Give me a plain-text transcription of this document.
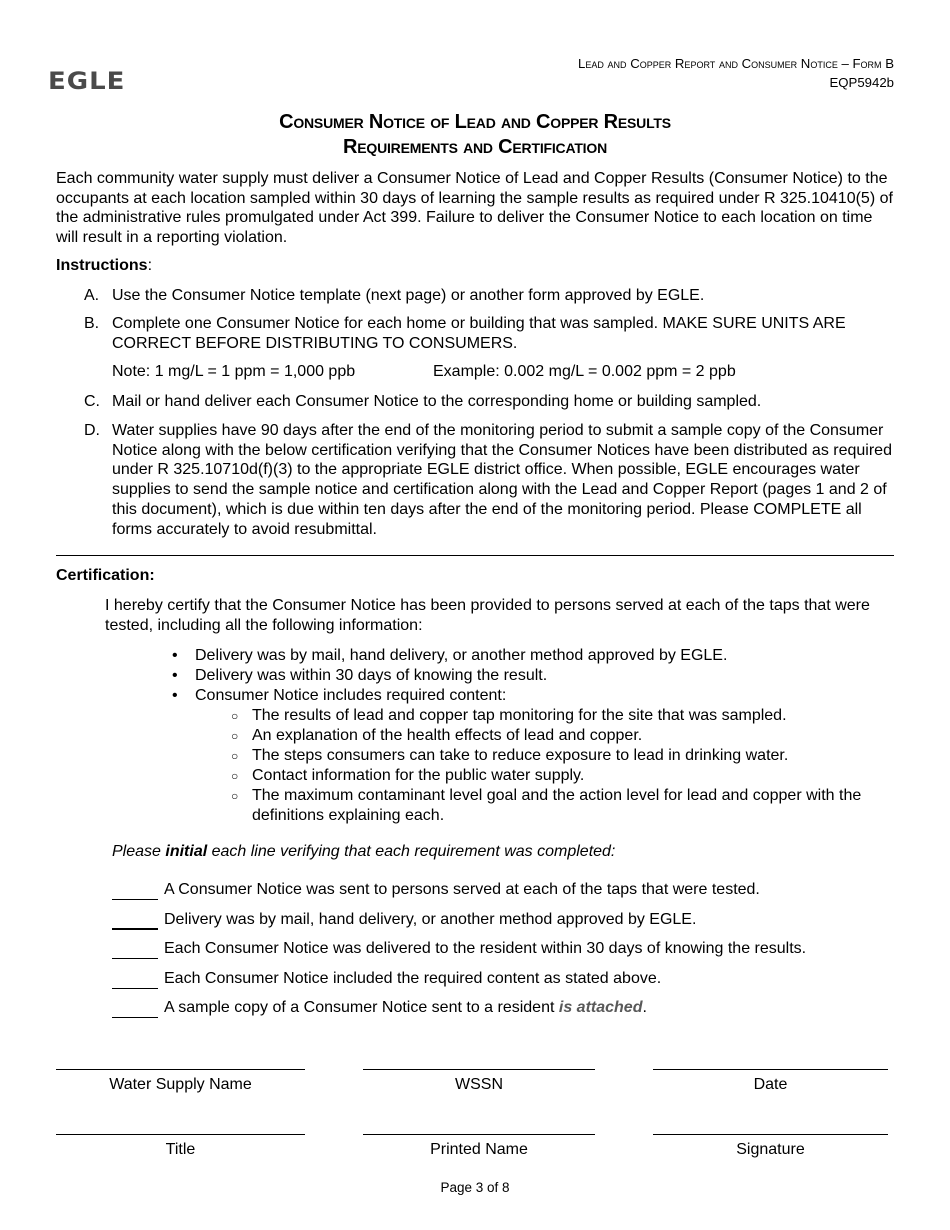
EGLE
Lead and Copper Report and Consumer Notice – Form B
EQP5942b
Consumer Notice of Lead and Copper Results
Requirements and Certification
Each community water supply must deliver a Consumer Notice of Lead and Copper Results (Consumer Notice) to the occupants at each location sampled within 30 days of learning the sample results as required under R 325.10410(5) of the administrative rules promulgated under Act 399. Failure to deliver the Consumer Notice to each location on time will result in a reporting violation.
Instructions:
A. Use the Consumer Notice template (next page) or another form approved by EGLE.
B. Complete one Consumer Notice for each home or building that was sampled. MAKE SURE UNITS ARE CORRECT BEFORE DISTRIBUTING TO CONSUMERS.
Note: 1 mg/L = 1 ppm = 1,000 ppb	Example: 0.002 mg/L = 0.002 ppm = 2 ppb
C. Mail or hand deliver each Consumer Notice to the corresponding home or building sampled.
D. Water supplies have 90 days after the end of the monitoring period to submit a sample copy of the Consumer Notice along with the below certification verifying that the Consumer Notices have been distributed as required under R 325.10710d(f)(3) to the appropriate EGLE district office. When possible, EGLE encourages water supplies to send the sample notice and certification along with the Lead and Copper Report (pages 1 and 2 of this document), which is due within ten days after the end of the monitoring period. Please COMPLETE all forms accurately to avoid resubmittal.
Certification:
I hereby certify that the Consumer Notice has been provided to persons served at each of the taps that were tested, including all the following information:
• Delivery was by mail, hand delivery, or another method approved by EGLE.
• Delivery was within 30 days of knowing the result.
• Consumer Notice includes required content:
○ The results of lead and copper tap monitoring for the site that was sampled.
○ An explanation of the health effects of lead and copper.
○ The steps consumers can take to reduce exposure to lead in drinking water.
○ Contact information for the public water supply.
○ The maximum contaminant level goal and the action level for lead and copper with the definitions explaining each.
Please initial each line verifying that each requirement was completed:
A Consumer Notice was sent to persons served at each of the taps that were tested.
Delivery was by mail, hand delivery, or another method approved by EGLE.
Each Consumer Notice was delivered to the resident within 30 days of knowing the results.
Each Consumer Notice included the required content as stated above.
A sample copy of a Consumer Notice sent to a resident is attached.
Water Supply Name	WSSN	Date
Title	Printed Name	Signature
Page 3 of 8
